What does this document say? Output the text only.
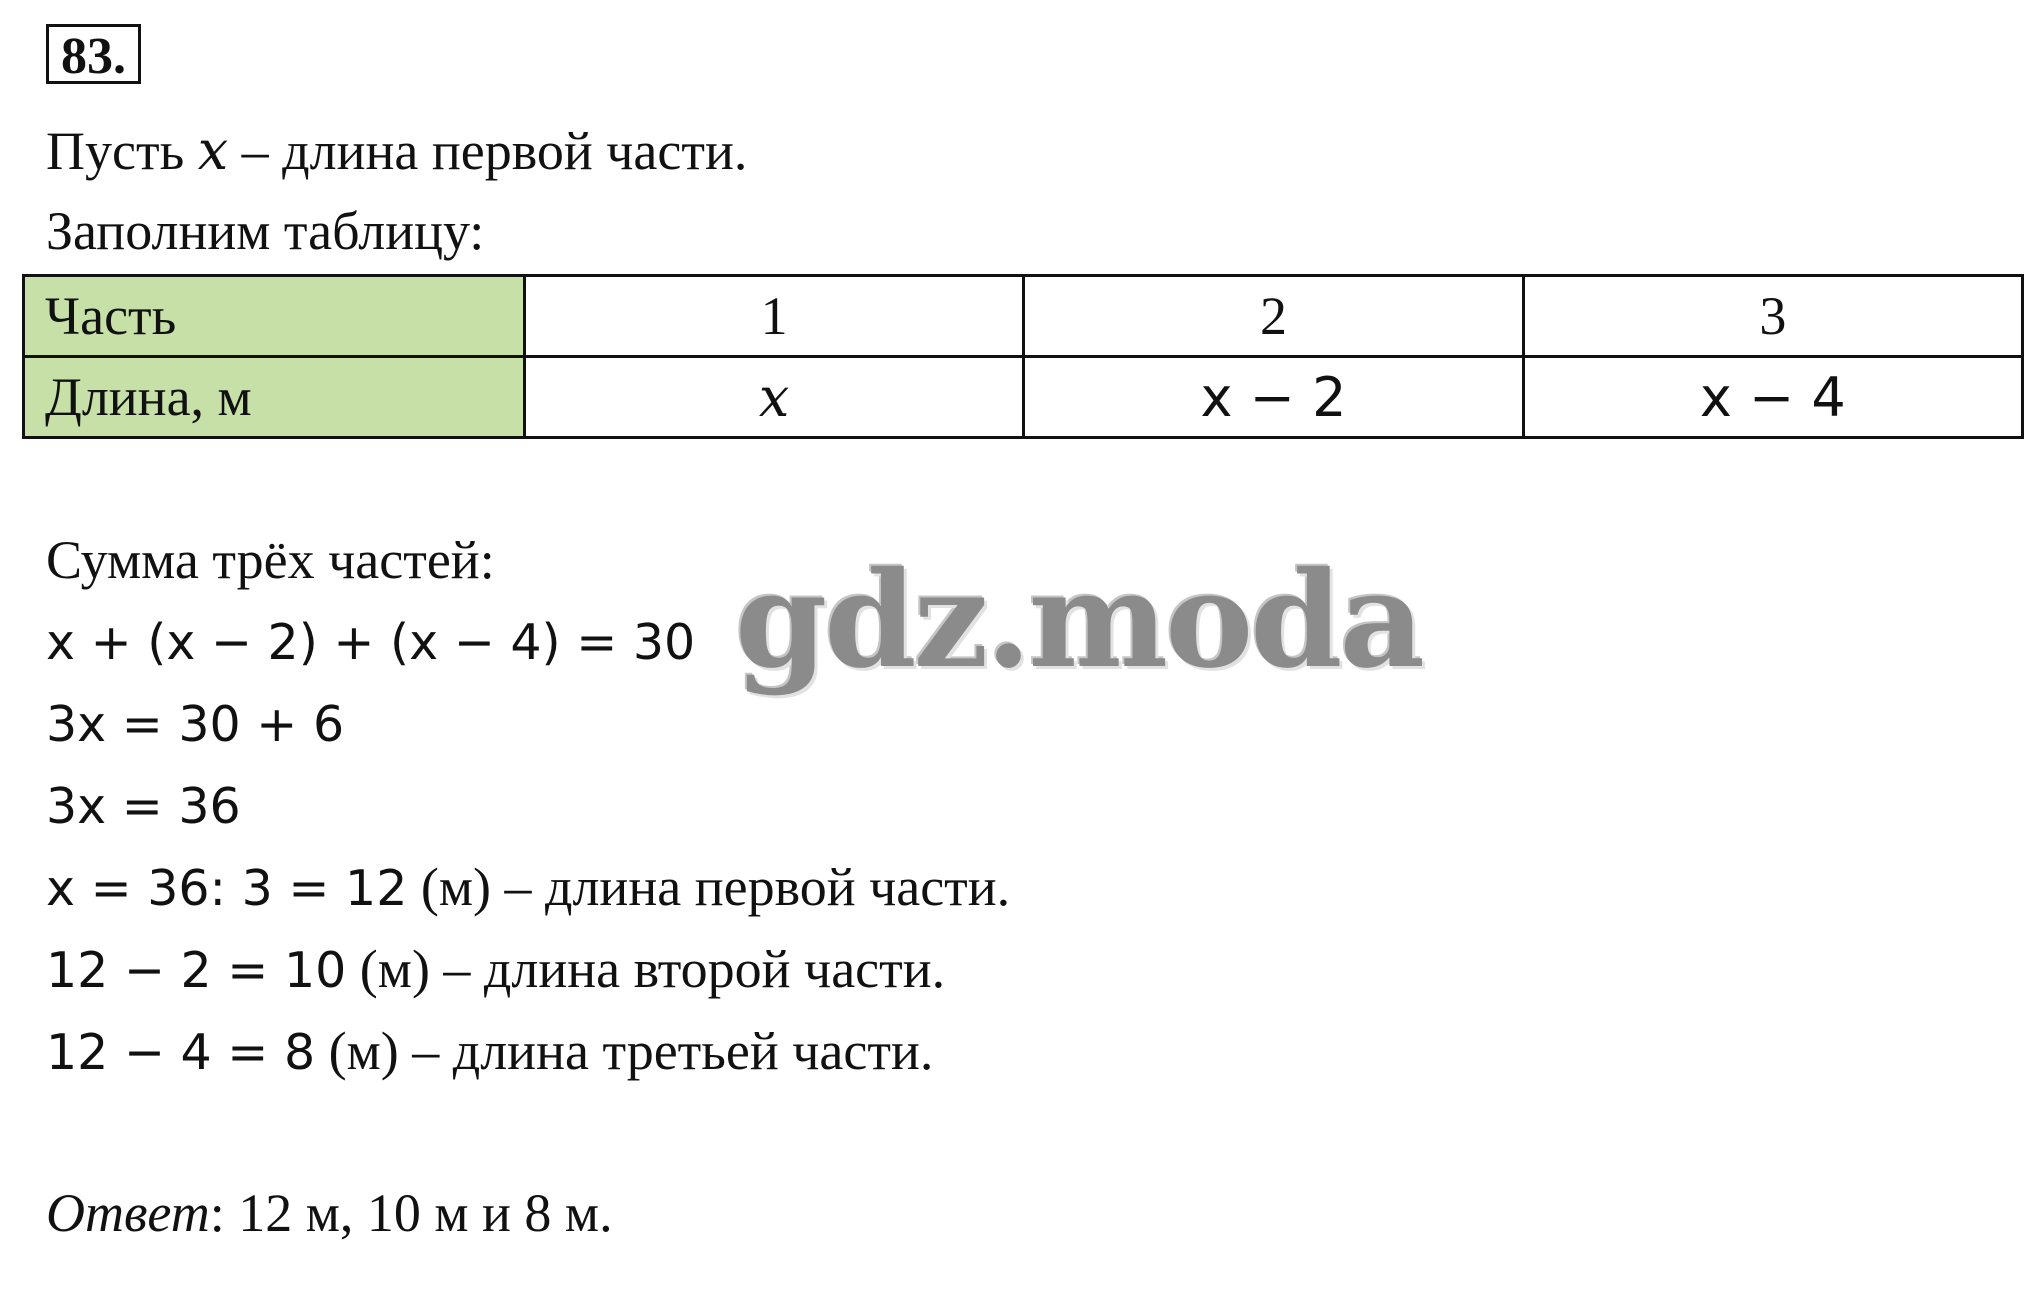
83.
Пусть x – длина первой части.
Заполним таблицу:
Часть	1	2	3
Длина, м	x	x − 2	x − 4
Сумма трёх частей:
x + (x − 2) + (x − 4) = 30
3x = 30 + 6
3x = 36
x = 36: 3 = 12 (м) – длина первой части.
12 − 2 = 10 (м) – длина второй части.
12 − 4 = 8 (м) – длина третьей части.
Ответ: 12 м, 10 м и 8 м.
gdz.moda
